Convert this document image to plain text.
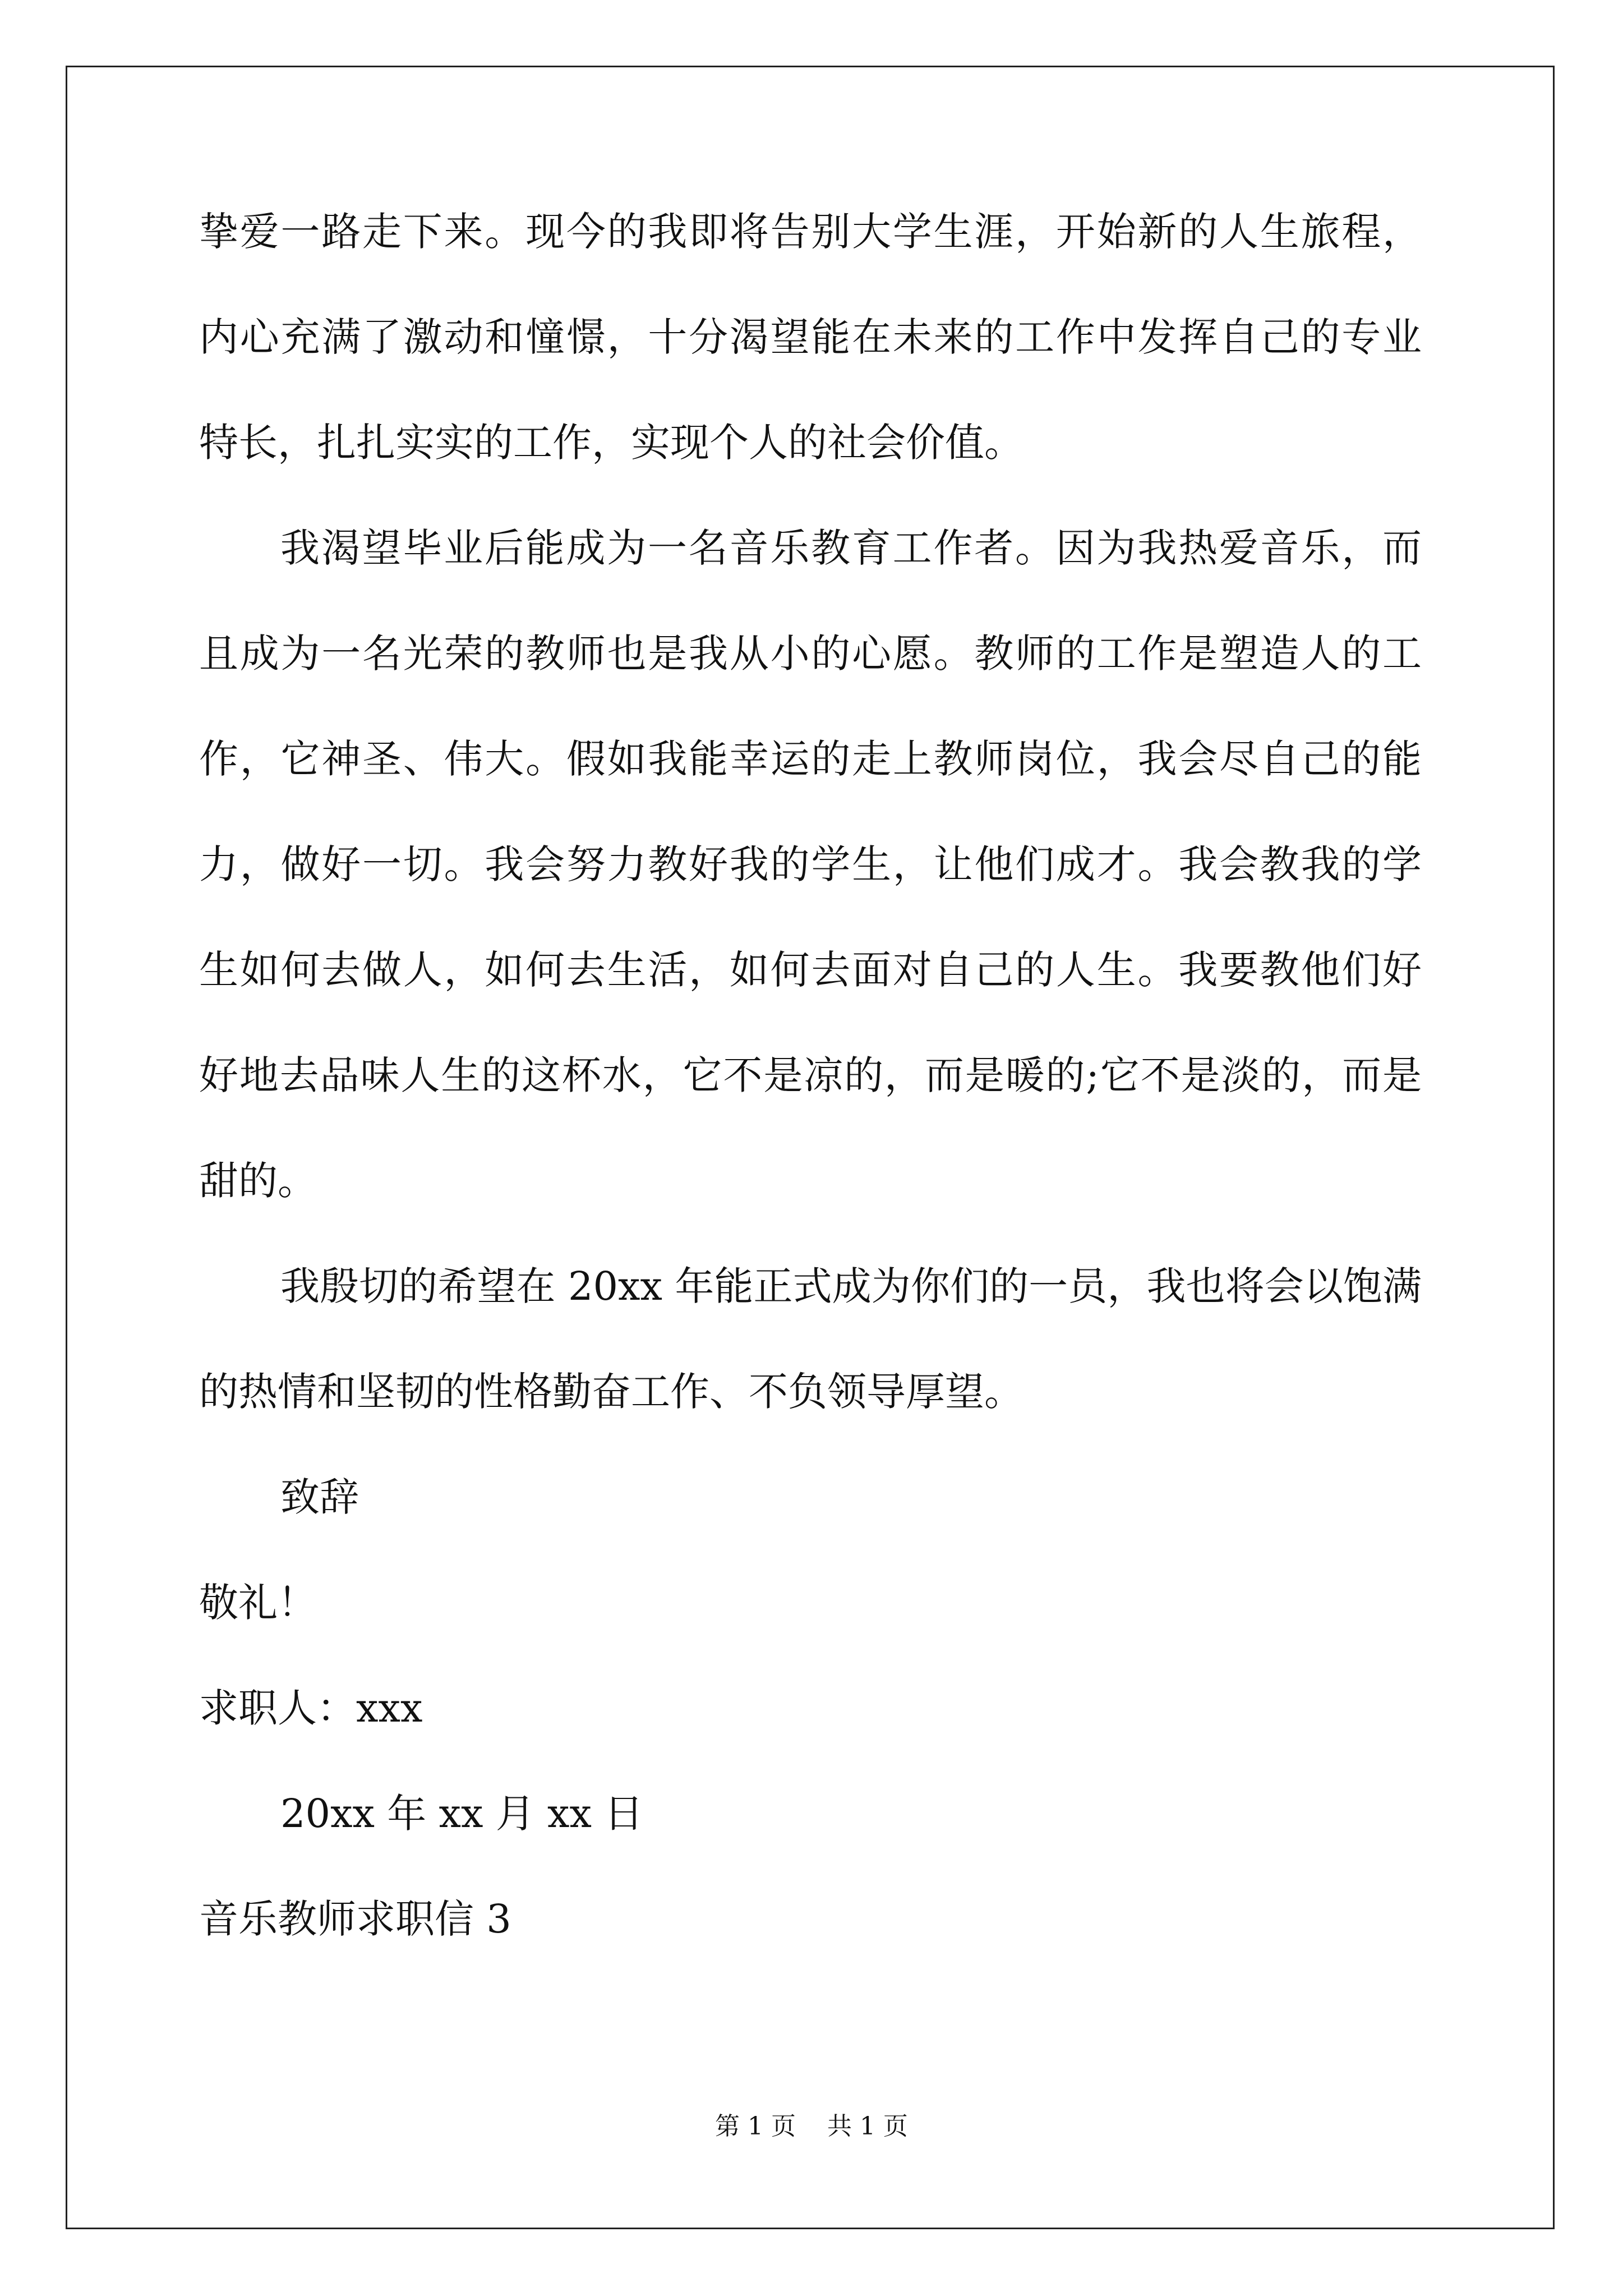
挚爱一路走下来。现今的我即将告别大学生涯，开始新的人生旅程，
内心充满了激动和憧憬，十分渴望能在未来的工作中发挥自己的专业
特长，扎扎实实的工作，实现个人的社会价值。
我渴望毕业后能成为一名音乐教育工作者。因为我热爱音乐，而
且成为一名光荣的教师也是我从小的心愿。教师的工作是塑造人的工
作，它神圣、伟大。假如我能幸运的走上教师岗位，我会尽自己的能
力，做好一切。我会努力教好我的学生，让他们成才。我会教我的学
生如何去做人，如何去生活，如何去面对自己的人生。我要教他们好
好地去品味人生的这杯水，它不是凉的，而是暖的;它不是淡的，而是
甜的。
我殷切的希望在 20xx 年能正式成为你们的一员，我也将会以饱满
的热情和坚韧的性格勤奋工作、不负领导厚望。
致辞
敬礼！
求职人：xxx
20xx 年 xx 月 xx 日
音乐教师求职信 3
第 1 页    共 1 页
